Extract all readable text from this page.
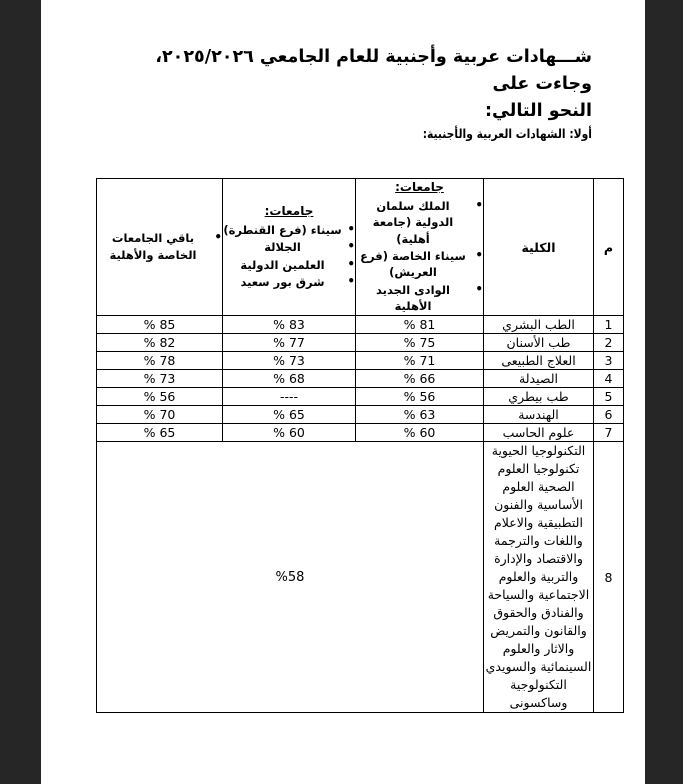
شـــهادات عربية وأجنبية للعام الجامعي ٢٠٢٥/٢٠٢٦، وجاءت على
النحو التالي:
أولا: الشهادات العربية والأجنبية:
م	الكلية	
جامعات:
• الملك سلمان الدولية (جامعة أهلية)
• سيناء الخاصة (فرع العريش)
• الوادى الجديد الأهلية

جامعات:
• سيناء (فرع القنطرة)
• الجلالة
• العلمين الدولية
• شرق بور سعيد

• باقي الجامعات الخاصة والأهلية

1	الطب البشري	81 %	83 %	85 %
2	طب الأسنان	75 %	77 %	82 %
3	العلاج الطبيعى	71 %	73 %	78 %
4	الصيدلة	66 %	68 %	73 %
5	طب بيطري	56 %	----	56 %
6	الهندسة	63 %	65 %	70 %
7	علوم الحاسب	60 %	60 %	65 %
8	التكنولوجيا الحيوية تكنولوجيا العلوم الصحية العلوم الأساسية والفنون التطبيقية والاعلام واللغات والترجمة والاقتصاد والإدارة والتربية والعلوم الاجتماعية والسياحة والفنادق والحقوق والقانون والتمريض والاثار والعلوم السينمائية والسويدي التكنولوجية وساكسونى	%58		
